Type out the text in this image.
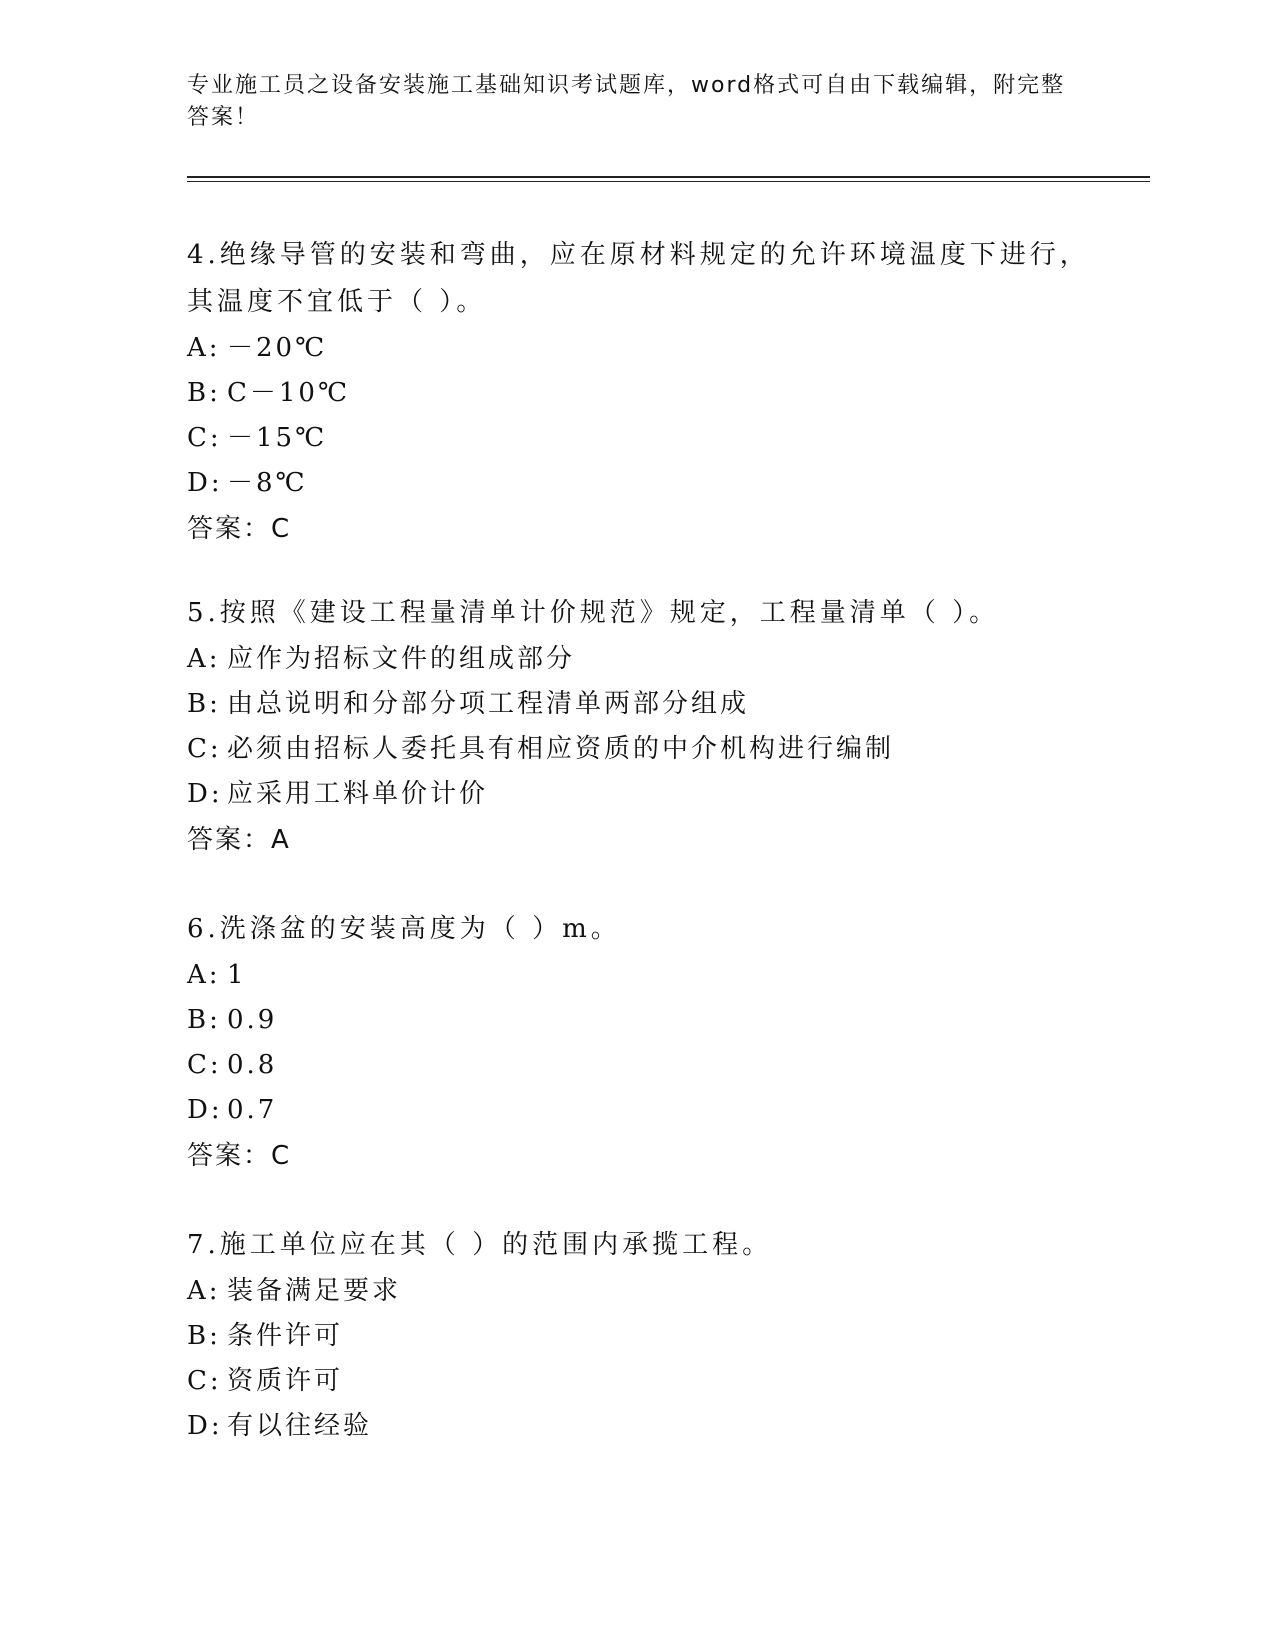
专业施工员之设备安装施工基础知识考试题库，word格式可自由下载编辑，附完整答案！

4.绝缘导管的安装和弯曲，应在原材料规定的允许环境温度下进行，其温度不宜低于（ ）。

A: －20℃

B: C－10℃

C: －15℃

D: －8℃

答案：C

5.按照《建设工程量清单计价规范》规定，工程量清单（ ）。

A: 应作为招标文件的组成部分

B: 由总说明和分部分项工程清单两部分组成

C: 必须由招标人委托具有相应资质的中介机构进行编制

D: 应采用工料单价计价

答案：A

6.洗涤盆的安装高度为（ ）m。

A: 1

B: 0.9

C: 0.8

D: 0.7

答案：C

7.施工单位应在其（ ）的范围内承揽工程。

A: 装备满足要求

B: 条件许可

C: 资质许可

D: 有以往经验
